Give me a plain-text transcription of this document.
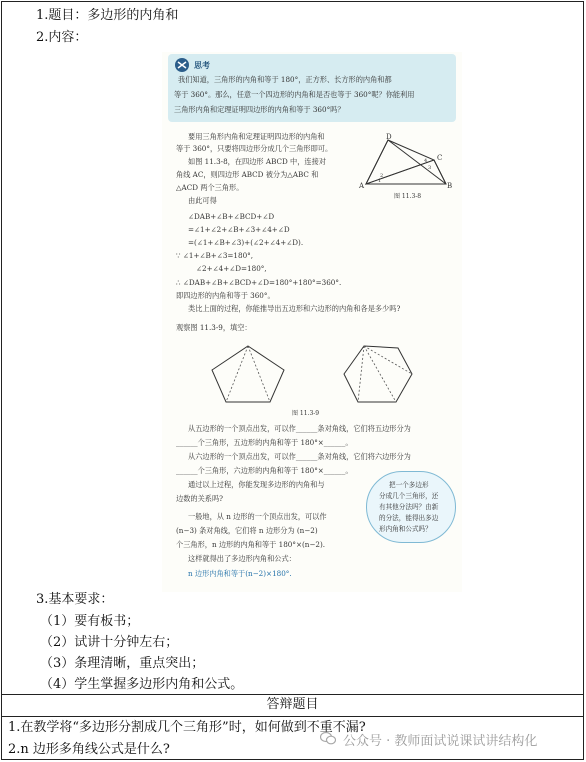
1.题目：多边形的内角和
2.内容：
思考
我们知道，三角形的内角和等于 180°，正方形、长方形的内角和都
等于 360°。那么，任意一个四边形的内角和是否也等于 360°呢？你能利用
三角形内角和定理证明四边形的内角和等于 360°吗？
要用三角形内角和定理证明四边形的内角和
等于 360°，只要将四边形分成几个三角形即可。
如图 11.3-8，在四边形 ABCD 中，连接对
角线 AC，则四边形 ABCD 被分为△ABC 和
△ACD 两个三角形。
由此可得
D
A	B
C
1
2
3
4
图 11.3-8
∠DAB+∠B+∠BCD+∠D
=∠1+∠2+∠B+∠3+∠4+∠D
=(∠1+∠B+∠3)+(∠2+∠4+∠D).
∵ ∠1+∠B+∠3=180°,
∠2+∠4+∠D=180°,
∴ ∠DAB+∠B+∠BCD+∠D=180°+180°=360°.
即四边形的内角和等于 360°。
类比上面的过程，你能推导出五边形和六边形的内角和各是多少吗?
观察图 11.3-9，填空：
图 11.3-9
从五边形的一个顶点出发，可以作______条对角线，它们将五边形分为
______个三角形，五边形的内角和等于 180°×______。
从六边形的一个顶点出发，可以作______条对角线，它们将六边形分为
______个三角形，六边形的内角和等于 180°×______。
通过以上过程，你能发现多边形的内角和与
边数的关系吗?
一般地，从 n 边形的一个顶点出发，可以作
(n−3) 条对角线，它们将 n 边形分为 (n−2)
个三角形，n 边形的内角和等于 180°×(n−2).
这样就得出了多边形内角和公式：
n 边形内角和等于(n−2)×180°.
把一个多边形
分成几个三角形，还
有其他分法吗？由新
的分法，能得出多边
形内角和公式吗？
3.基本要求：
（1）要有板书；
（2）试讲十分钟左右；
（3）条理清晰，重点突出；
（4）学生掌握多边形内角和公式。
答辩题目
1.在教学将“多边形分割成几个三角形”时，如何做到不重不漏?
2.n 边形多角线公式是什么?
公众号 · 教师面试说课试讲结构化
